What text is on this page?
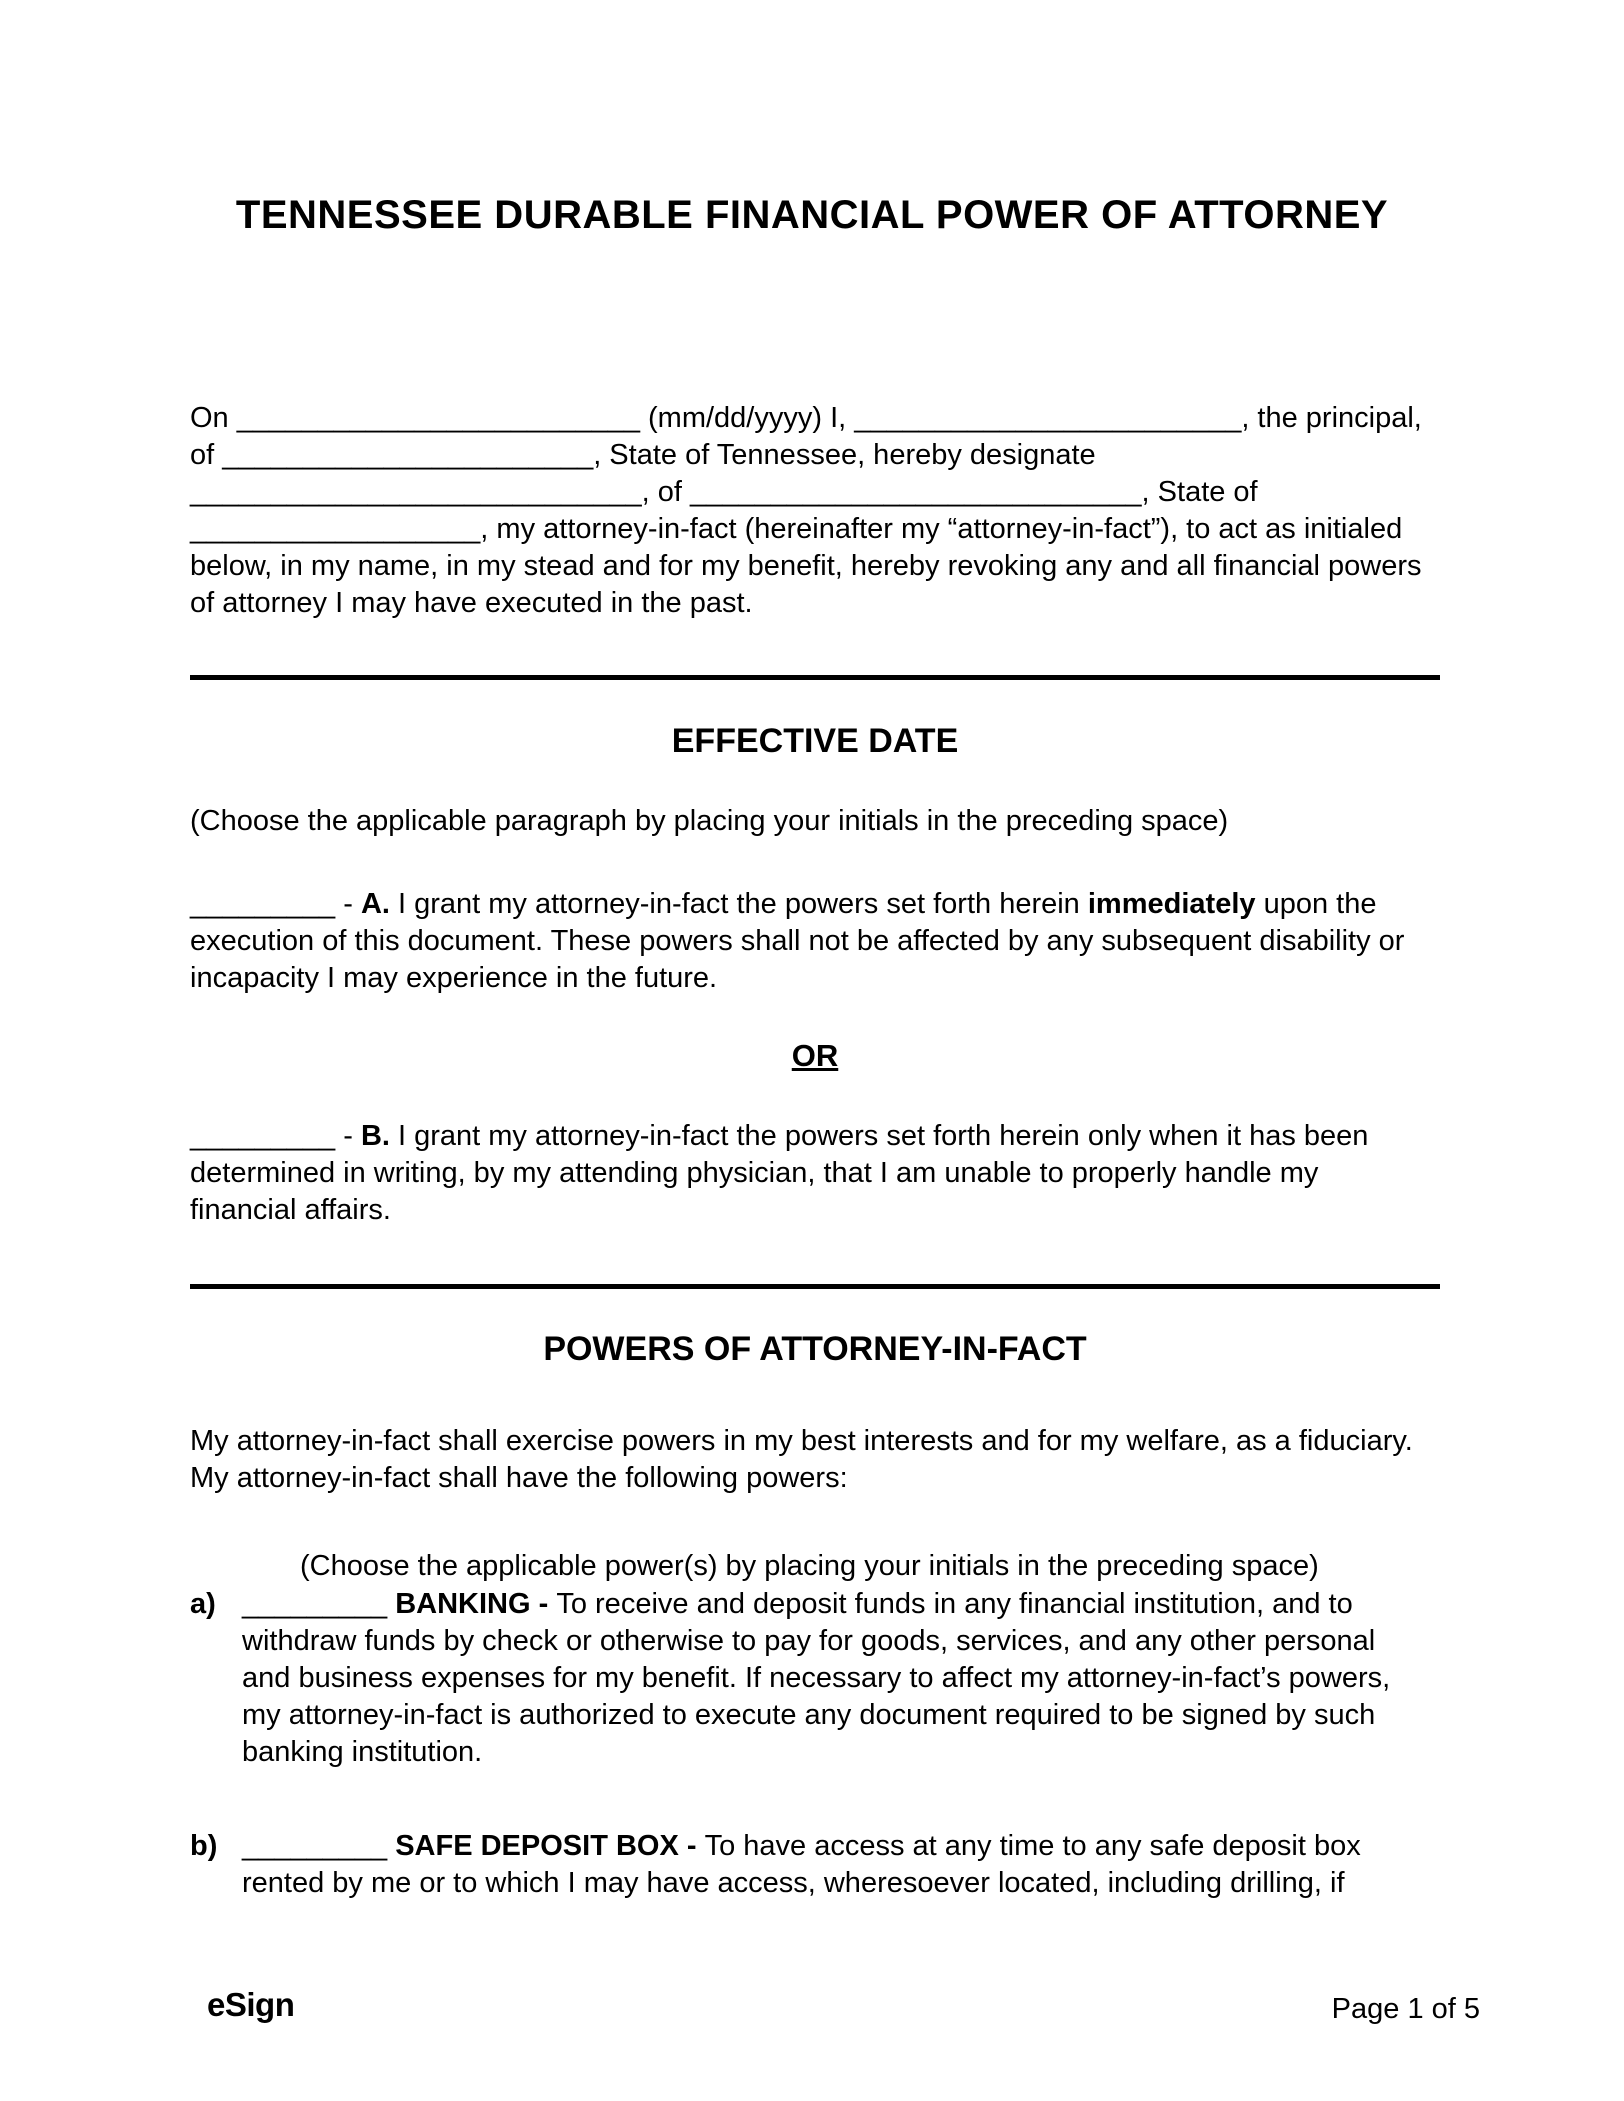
TENNESSEE DURABLE FINANCIAL POWER OF ATTORNEY
On _________________________ (mm/dd/yyyy) I, ________________________, the principal,
of _______________________, State of Tennessee, hereby designate
____________________________, of ____________________________, State of
__________________, my attorney-in-fact (hereinafter my “attorney-in-fact”), to act as initialed
below, in my name, in my stead and for my benefit, hereby revoking any and all financial powers
of attorney I may have executed in the past.
EFFECTIVE DATE
(Choose the applicable paragraph by placing your initials in the preceding space)
_________ - A. I grant my attorney-in-fact the powers set forth herein immediately upon the
execution of this document. These powers shall not be affected by any subsequent disability or
incapacity I may experience in the future.
OR
_________ - B. I grant my attorney-in-fact the powers set forth herein only when it has been
determined in writing, by my attending physician, that I am unable to properly handle my
financial affairs.
POWERS OF ATTORNEY-IN-FACT
My attorney-in-fact shall exercise powers in my best interests and for my welfare, as a fiduciary.
My attorney-in-fact shall have the following powers:
(Choose the applicable power(s) by placing your initials in the preceding space)
a) _________ BANKING - To receive and deposit funds in any financial institution, and to
withdraw funds by check or otherwise to pay for goods, services, and any other personal
and business expenses for my benefit. If necessary to affect my attorney-in-fact’s powers,
my attorney-in-fact is authorized to execute any document required to be signed by such
banking institution.
b) _________ SAFE DEPOSIT BOX - To have access at any time to any safe deposit box
rented by me or to which I may have access, wheresoever located, including drilling, if
eSign	Page 1 of 5
